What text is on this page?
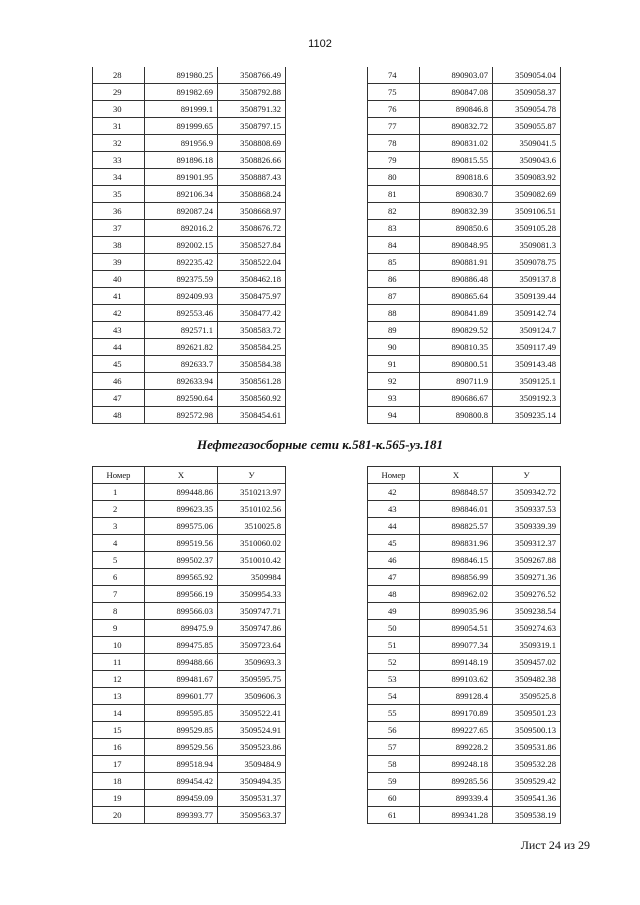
1102
28	891980.25	3508766.49
29	891982.69	3508792.88
30	891999.1	3508791.32
31	891999.65	3508797.15
32	891956.9	3508808.69
33	891896.18	3508826.66
34	891901.95	3508887.43
35	892106.34	3508868.24
36	892087.24	3508668.97
37	892016.2	3508676.72
38	892002.15	3508527.84
39	892235.42	3508522.04
40	892375.59	3508462.18
41	892409.93	3508475.97
42	892553.46	3508477.42
43	892571.1	3508583.72
44	892621.82	3508584.25
45	892633.7	3508584.38
46	892633.94	3508561.28
47	892590.64	3508560.92
48	892572.98	3508454.61
74	890903.07	3509054.04
75	890847.08	3509058.37
76	890846.8	3509054.78
77	890832.72	3509055.87
78	890831.02	3509041.5
79	890815.55	3509043.6
80	890818.6	3509083.92
81	890830.7	3509082.69
82	890832.39	3509106.51
83	890850.6	3509105.28
84	890848.95	3509081.3
85	890881.91	3509078.75
86	890886.48	3509137.8
87	890865.64	3509139.44
88	890841.89	3509142.74
89	890829.52	3509124.7
90	890810.35	3509117.49
91	890800.51	3509143.48
92	890711.9	3509125.1
93	890686.67	3509192.3
94	890800.8	3509235.14
Нефтегазосборные сети к.581-к.565-уз.181
Номер	X	У
1	899448.86	3510213.97
2	899623.35	3510102.56
3	899575.06	3510025.8
4	899519.56	3510060.02
5	899502.37	3510010.42
6	899565.92	3509984
7	899566.19	3509954.33
8	899566.03	3509747.71
9	899475.9	3509747.86
10	899475.85	3509723.64
11	899488.66	3509693.3
12	899481.67	3509595.75
13	899601.77	3509606.3
14	899595.85	3509522.41
15	899529.85	3509524.91
16	899529.56	3509523.86
17	899518.94	3509484.9
18	899454.42	3509494.35
19	899459.09	3509531.37
20	899393.77	3509563.37
Номер	X	У
42	898848.57	3509342.72
43	898846.01	3509337.53
44	898825.57	3509339.39
45	898831.96	3509312.37
46	898846.15	3509267.88
47	898856.99	3509271.36
48	898962.02	3509276.52
49	899035.96	3509238.54
50	899054.51	3509274.63
51	899077.34	3509319.1
52	899148.19	3509457.02
53	899103.62	3509482.38
54	899128.4	3509525.8
55	899170.89	3509501.23
56	899227.65	3509500.13
57	899228.2	3509531.86
58	899248.18	3509532.28
59	899285.56	3509529.42
60	899339.4	3509541.36
61	899341.28	3509538.19
Лист 24 из 29
